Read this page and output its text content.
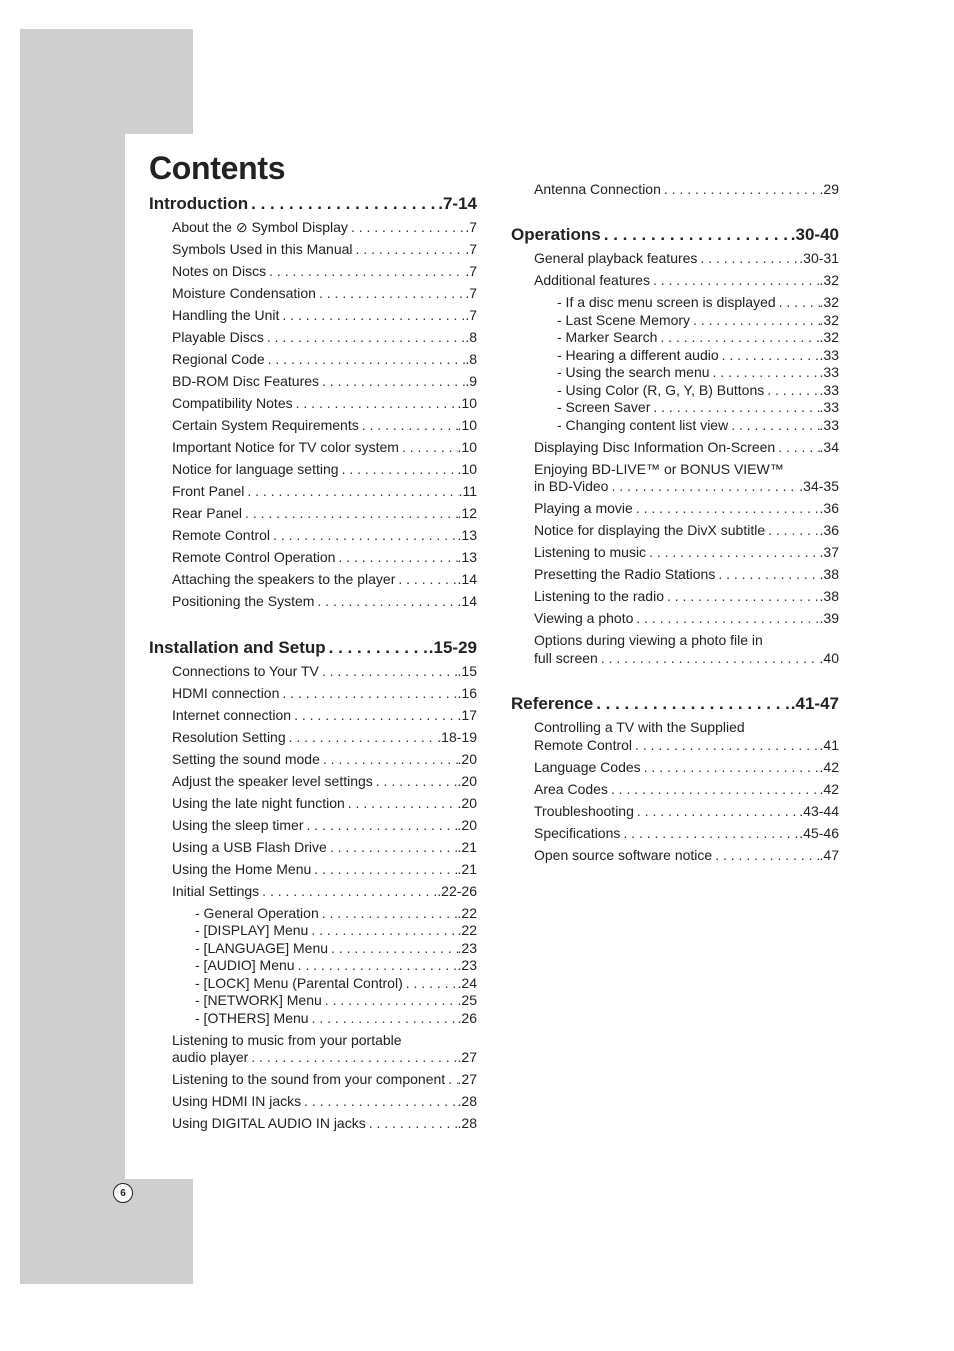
6
Contents
Introduction . . .	.7-14
About the ⊘ Symbol Display . . .	.7
Symbols Used in this Manual . . .	.7
Notes on Discs . . .	.7
Moisture Condensation . . .	.7
Handling the Unit . . .	.7
Playable Discs . . .	.8
Regional Code . . .	.8
BD-ROM Disc Features . . .	.9
Compatibility Notes . . .	.10
Certain System Requirements . . .	.10
Important Notice for TV color system . . .	.10
Notice for language setting . . .	.10
Front Panel . . .	.11
Rear Panel . . .	.12
Remote Control . . .	.13
Remote Control Operation . . .	.13
Attaching the speakers to the player . . .	.14
Positioning the System . . .	.14
Installation and Setup . . .	.15-29
Connections to Your TV . . .	.15
HDMI connection . . .	.16
Internet connection . . .	.17
Resolution Setting . . .	.18-19
Setting the sound mode . . .	.20
Adjust the speaker level settings . . .	.20
Using the late night function . . .	.20
Using the sleep timer . . .	.20
Using a USB Flash Drive . . .	.21
Using the Home Menu . . .	.21
Initial Settings . . .	.22-26
- General Operation . . .	.22
- [DISPLAY] Menu . . .	.22
- [LANGUAGE] Menu . . .	.23
- [AUDIO] Menu . . .	.23
- [LOCK] Menu (Parental Control) . . .	.24
- [NETWORK] Menu . . .	.25
- [OTHERS] Menu . . .	.26
Listening to music from your portable
audio player . . .	.27
Listening to the sound from your component . . . .27
Using HDMI IN jacks . . .	.28
Using DIGITAL AUDIO IN jacks . . .	.28
Antenna Connection . . .	.29
Operations . . .	.30-40
General playback features . . .	.30-31
Additional features . . .	.32
- If a disc menu screen is displayed . . .	.32
- Last Scene Memory . . .	.32
- Marker Search . . .	.32
- Hearing a different audio . . .	.33
- Using the search menu . . .	.33
- Using Color (R, G, Y, B) Buttons . . .	.33
- Screen Saver . . .	.33
- Changing content list view . . .	.33
Displaying Disc Information On-Screen . . .	.34
Enjoying BD-LIVE™ or BONUS VIEW™
in BD-Video . . .	.34-35
Playing a movie . . .	.36
Notice for displaying the DivX subtitle . . .	.36
Listening to music . . .	.37
Presetting the Radio Stations . . .	.38
Listening to the radio . . .	.38
Viewing a photo . . .	.39
Options during viewing a photo file in
full screen . . .	.40
Reference . . .	.41-47
Controlling a TV with the Supplied
Remote Control . . .	.41
Language Codes . . .	.42
Area Codes . . .	.42
Troubleshooting . . .	.43-44
Specifications . . .	.45-46
Open source software notice . . .	.47
